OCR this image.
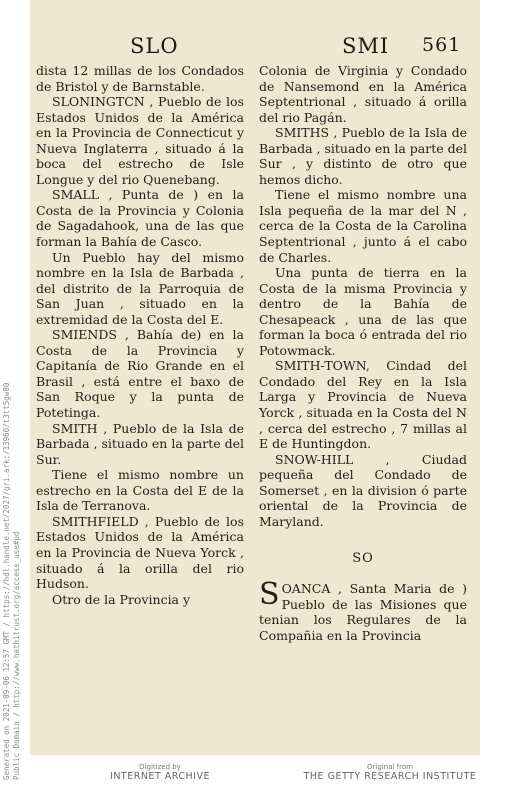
SLO	SMI 561

dista 12 millas de los Condados de Bristol y de Barnstable.

SLONINGTCN , Pueblo de los Estados Unidos de la América en la Provincia de Connecticut y Nueva Inglaterra , situado á la boca del estrecho de Isle Longue y del rio Quenebang.

SMALL , Punta de ) en la Costa de la Provincia y Colonia de Sagadahook, una de las que forman la Bahía de Casco.

Un Pueblo hay del mismo nombre en la Isla de Barbada , del distrito de la Parroquia de San Juan , situado en la extremidad de la Costa del E.

SMIENDS , Bahía de) en la Costa de la Provincia y Capitanía de Rio Grande en el Brasil , está entre el baxo de San Roque y la punta de Potetinga.

SMITH , Pueblo de la Isla de Barbada , situado en la parte del Sur.

Tiene el mismo nombre un estrecho en la Costa del E de la Isla de Terranova.

SMITHFIELD , Pueblo de los Estados Unidos de la América en la Provincia de Nueva Yorck , situado á la orilla del rio Hudson.

Otro de la Provincia y

Colonia de Virginia y Condado de Nansemond en la América Septentrional , situado á orilla del rio Pagán.

SMITHS , Pueblo de la Isla de Barbada , situado en la parte del Sur , y distinto de otro que hemos dicho.

Tiene el mismo nombre una Isla pequeña de la mar del N , cerca de la Costa de la Carolina Septentrional , junto á el cabo de Charles.

Una punta de tierra en la Costa de la misma Provincia y dentro de la Bahía de Chesapeack , una de las que forman la boca ó entrada del rio Potowmack.

SMITH-TOWN, Cindad del Condado del Rey en la Isla Larga y Provincia de Nueva Yorck , situada en la Costa del N , cerca del estrecho , 7 millas al E de Huntingdon.

SNOW-HILL , Ciudad pequeña del Condado de Somerset , en la division ó parte oriental de la Provincia de Maryland.

SO

SOANCA , Santa Maria de ) Pueblo de las Misiones que tenian los Regulares de la Compañia en la Provincia

Generated on 2021-09-06 12:57 GMT / https://hdl.handle.net/2027/gri.ark:/13960/t3tt5gw80 Public Domain / http://www.hathitrust.org/access_use#pd	Digitized by
INTERNET ARCHIVE
Original from
THE GETTY RESEARCH INSTITUTE
